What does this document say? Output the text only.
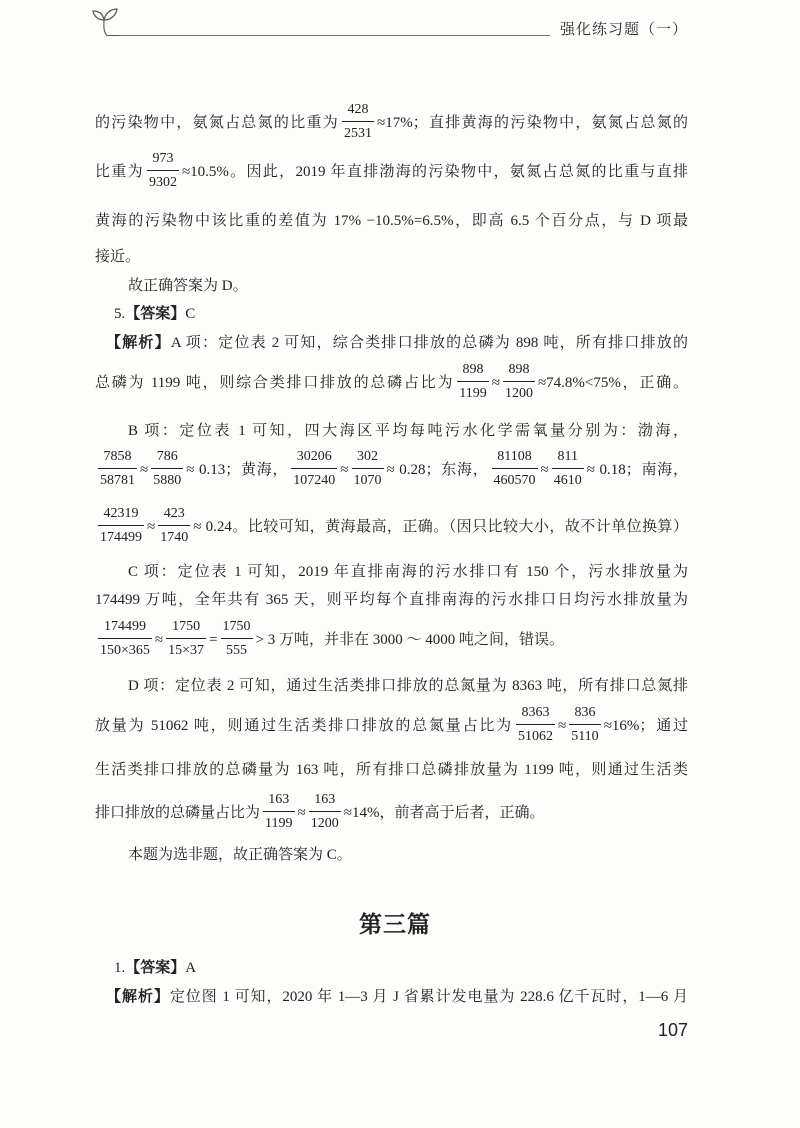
强化练习题（一）
第三篇
107
的污染物中，氨氮占总氮的比重为 $\frac{428}{2531} \approx 17\%$；直排黄海的污染物中，氨氮占总氮的
比重为 $\frac{973}{9302} \approx 10.5\%$。因此，2019 年直排渤海的污染物中，氨氮占总氮的比重与直排
黄海的污染物中该比重的差值为 17% −10.5%=6.5%，即高 6.5 个百分点，与 D 项最
接近。
故正确答案为 D。
5.【答案】C
【解析】A 项：定位表 2 可知，综合类排口排放的总磷为 898 吨，所有排口排放的
总磷为 1199 吨，则综合类排口排放的总磷占比为 $\frac{898}{1199} \approx \frac{898}{1200} \approx 74.8\%<75\%$，正确。
B 项：定位表 1 可知，四大海区平均每吨污水化学需氧量分别为：渤海，
$\frac{7858}{58781} \approx \frac{786}{5880} \approx 0.13$；黄海， $\frac{30206}{107240} \approx \frac{302}{1070} \approx 0.28$；东海， $\frac{81108}{460570} \approx \frac{811}{4610} \approx 0.18$；南海，
$\frac{42319}{174499} \approx \frac{423}{1740} \approx 0.24$。比较可知，黄海最高，正确。（因只比较大小，故不计单位换算）
C 项：定位表 1 可知，2019 年直排南海的污水排口有 150 个，污水排放量为
174499 万吨，全年共有 365 天，则平均每个直排南海的污水排口日均污水排放量为
$\frac{174499}{150\times 365} \approx \frac{1750}{15\times 37} = \frac{1750}{555} > 3$ 万吨，并非在 3000 ～ 4000 吨之间，错误。
D 项：定位表 2 可知，通过生活类排口排放的总氮量为 8363 吨，所有排口总氮排
放量为 51062 吨，则通过生活类排口排放的总氮量占比为 $\frac{8363}{51062} \approx \frac{836}{5110} \approx 16\%$；通过
生活类排口排放的总磷量为 163 吨，所有排口总磷排放量为 1199 吨，则通过生活类
排口排放的总磷量占比为 $\frac{163}{1199} \approx \frac{163}{1200} \approx 14\%$，前者高于后者，正确。
本题为选非题，故正确答案为 C。
1.【答案】A
【解析】定位图 1 可知，2020 年 1—3 月 J 省累计发电量为 228.6 亿千瓦时，1—6 月
